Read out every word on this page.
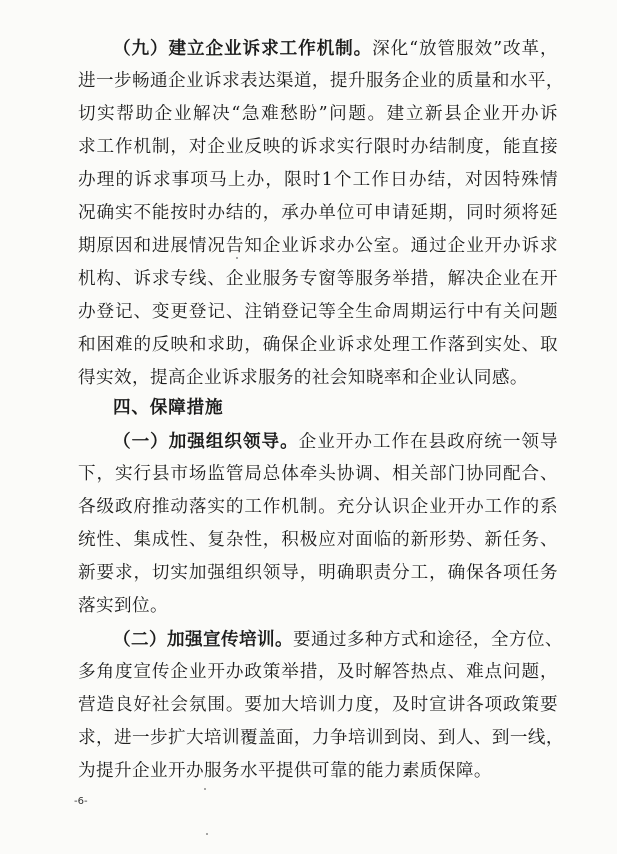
（九）建立企业诉求工作机制。深化“放管服效”改革，
进一步畅通企业诉求表达渠道，提升服务企业的质量和水平，
切实帮助企业解决“急难愁盼”问题。建立新县企业开办诉
求工作机制，对企业反映的诉求实行限时办结制度，能直接
办理的诉求事项马上办，限时1个工作日办结，对因特殊情
况确实不能按时办结的，承办单位可申请延期，同时须将延
期原因和进展情况告知企业诉求办公室。通过企业开办诉求
机构、诉求专线、企业服务专窗等服务举措，解决企业在开
办登记、变更登记、注销登记等全生命周期运行中有关问题
和困难的反映和求助，确保企业诉求处理工作落到实处、取
得实效，提高企业诉求服务的社会知晓率和企业认同感。
四、保障措施
（一）加强组织领导。企业开办工作在县政府统一领导
下，实行县市场监管局总体牵头协调、相关部门协同配合、
各级政府推动落实的工作机制。充分认识企业开办工作的系
统性、集成性、复杂性，积极应对面临的新形势、新任务、
新要求，切实加强组织领导，明确职责分工，确保各项任务
落实到位。
（二）加强宣传培训。要通过多种方式和途径，全方位、
多角度宣传企业开办政策举措，及时解答热点、难点问题，
营造良好社会氛围。要加大培训力度，及时宣讲各项政策要
求，进一步扩大培训覆盖面，力争培训到岗、到人、到一线，
为提升企业开办服务水平提供可靠的能力素质保障。
-6-
